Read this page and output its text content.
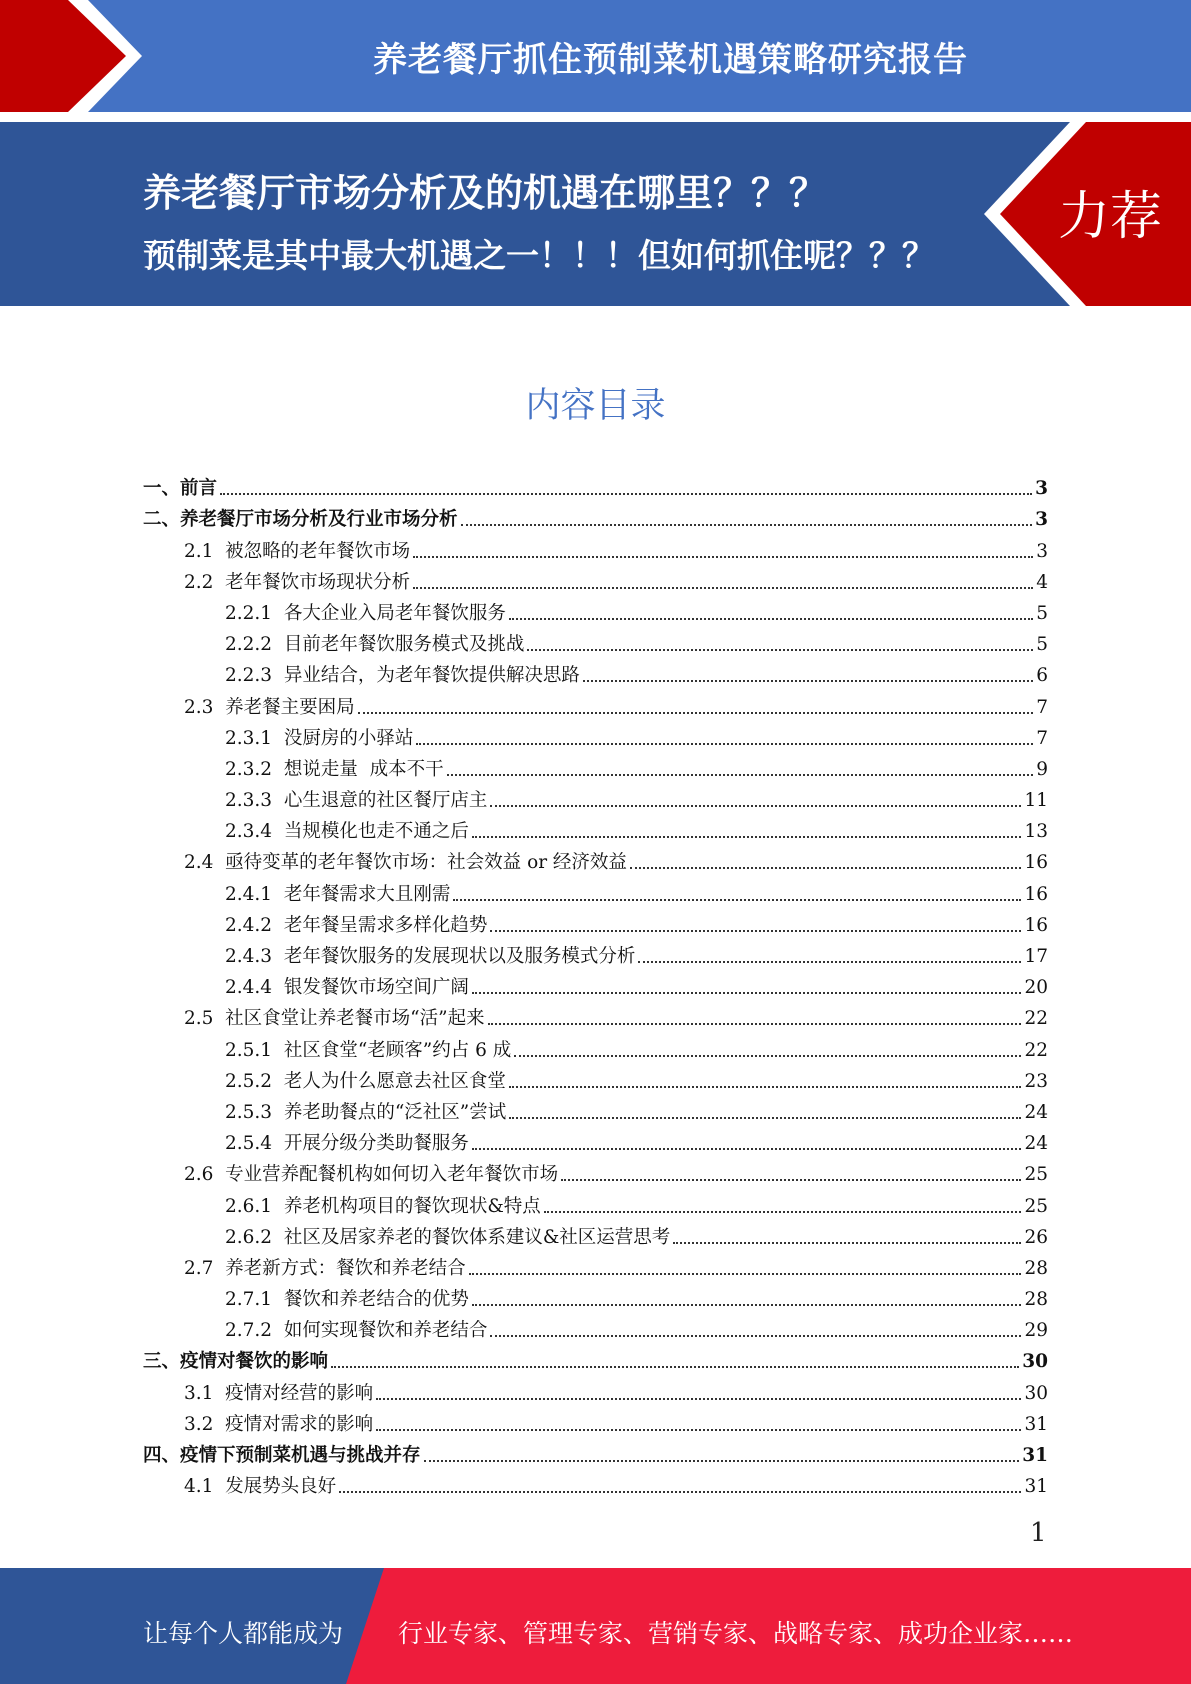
养老餐厅抓住预制菜机遇策略研究报告
养老餐厅市场分析及的机遇在哪里？？？
预制菜是其中最大机遇之一！！！但如何抓住呢？？？
力荐
内容目录
一、前言	3
二、养老餐厅市场分析及行业市场分析	3
2.1  被忽略的老年餐饮市场	3
2.2  老年餐饮市场现状分析	4
2.2.1  各大企业入局老年餐饮服务	5
2.2.2  目前老年餐饮服务模式及挑战	5
2.2.3  异业结合，为老年餐饮提供解决思路	6
2.3  养老餐主要困局	7
2.3.1  没厨房的小驿站	7
2.3.2  想说走量  成本不干	9
2.3.3  心生退意的社区餐厅店主	11
2.3.4  当规模化也走不通之后	13
2.4  亟待变革的老年餐饮市场：社会效益 or 经济效益	16
2.4.1  老年餐需求大且刚需	16
2.4.2  老年餐呈需求多样化趋势	16
2.4.3  老年餐饮服务的发展现状以及服务模式分析	17
2.4.4  银发餐饮市场空间广阔	20
2.5  社区食堂让养老餐市场“活”起来	22
2.5.1  社区食堂“老顾客”约占 6 成	22
2.5.2  老人为什么愿意去社区食堂	23
2.5.3  养老助餐点的“泛社区”尝试	24
2.5.4  开展分级分类助餐服务	24
2.6  专业营养配餐机构如何切入老年餐饮市场	25
2.6.1  养老机构项目的餐饮现状&特点	25
2.6.2  社区及居家养老的餐饮体系建议&社区运营思考	26
2.7  养老新方式：餐饮和养老结合	28
2.7.1  餐饮和养老结合的优势	28
2.7.2  如何实现餐饮和养老结合	29
三、疫情对餐饮的影响	30
3.1  疫情对经营的影响	30
3.2  疫情对需求的影响	31
四、疫情下预制菜机遇与挑战并存	31
4.1  发展势头良好	31
1
让每个人都能成为 行业专家、管理专家、营销专家、战略专家、成功企业家……
